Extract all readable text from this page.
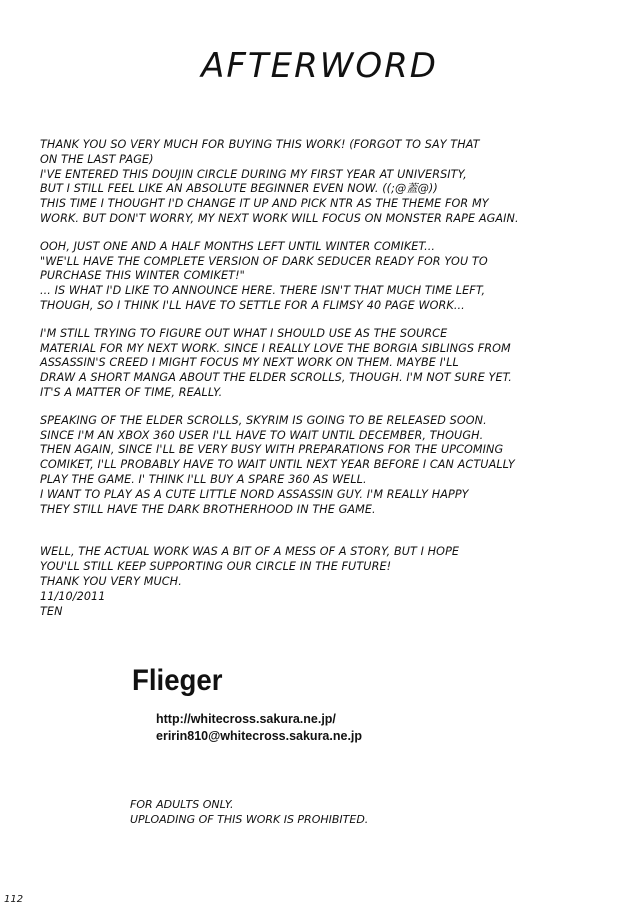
AFTERWORD
THANK YOU SO VERY MUCH FOR BUYING THIS WORK! (FORGOT TO SAY THAT
ON THE LAST PAGE)
I'VE ENTERED THIS DOUJIN CIRCLE DURING MY FIRST YEAR AT UNIVERSITY,
BUT I STILL FEEL LIKE AN ABSOLUTE BEGINNER EVEN NOW. ((;@蓋@))
THIS TIME I THOUGHT I'D CHANGE IT UP AND PICK NTR AS THE THEME FOR MY
WORK. BUT DON'T WORRY, MY NEXT WORK WILL FOCUS ON MONSTER RAPE AGAIN.
OOH, JUST ONE AND A HALF MONTHS LEFT UNTIL WINTER COMIKET...
"WE'LL HAVE THE COMPLETE VERSION OF DARK SEDUCER READY FOR YOU TO
PURCHASE THIS WINTER COMIKET!"
... IS WHAT I'D LIKE TO ANNOUNCE HERE. THERE ISN'T THAT MUCH TIME LEFT,
THOUGH, SO I THINK I'LL HAVE TO SETTLE FOR A FLIMSY 40 PAGE WORK...
I'M STILL TRYING TO FIGURE OUT WHAT I SHOULD USE AS THE SOURCE
MATERIAL FOR MY NEXT WORK. SINCE I REALLY LOVE THE BORGIA SIBLINGS FROM
ASSASSIN'S CREED I MIGHT FOCUS MY NEXT WORK ON THEM. MAYBE I'LL
DRAW A SHORT MANGA ABOUT THE ELDER SCROLLS, THOUGH. I'M NOT SURE YET.
IT'S A MATTER OF TIME, REALLY.
SPEAKING OF THE ELDER SCROLLS, SKYRIM IS GOING TO BE RELEASED SOON.
SINCE I'M AN XBOX 360 USER I'LL HAVE TO WAIT UNTIL DECEMBER, THOUGH.
THEN AGAIN, SINCE I'LL BE VERY BUSY WITH PREPARATIONS FOR THE UPCOMING
COMIKET, I'LL PROBABLY HAVE TO WAIT UNTIL NEXT YEAR BEFORE I CAN ACTUALLY
PLAY THE GAME. I' THINK I'LL BUY A SPARE 360 AS WELL.
I WANT TO PLAY AS A CUTE LITTLE NORD ASSASSIN GUY. I'M REALLY HAPPY
THEY STILL HAVE THE DARK BROTHERHOOD IN THE GAME.
WELL, THE ACTUAL WORK WAS A BIT OF A MESS OF A STORY, BUT I HOPE
YOU'LL STILL KEEP SUPPORTING OUR CIRCLE IN THE FUTURE!
THANK YOU VERY MUCH.
11/10/2011
TEN
Flieger
http://whitecross.sakura.ne.jp/
eririn810@whitecross.sakura.ne.jp
FOR ADULTS ONLY.
UPLOADING OF THIS WORK IS PROHIBITED.
112
